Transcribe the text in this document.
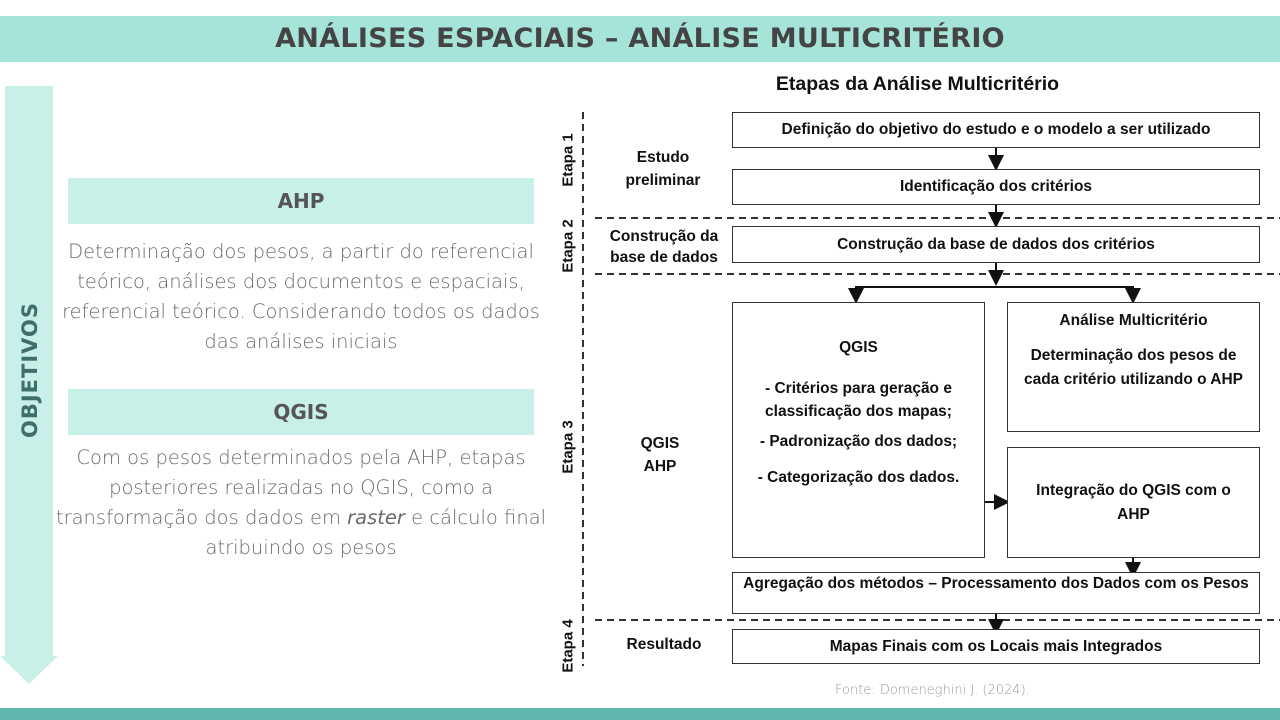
ANÁLISES ESPACIAIS – ANÁLISE MULTICRITÉRIO
OBJETIVOS
AHP
Determinação dos pesos, a partir do referencial teórico, análises dos documentos e espaciais, referencial teórico. Considerando todos os dados das análises iniciais
QGIS
Com os pesos determinados pela AHP, etapas posteriores realizadas no QGIS, como a transformação dos dados em raster e cálculo final atribuindo os pesos
Etapas da Análise Multicritério
Etapa 1
Etapa 2
Etapa 3
Etapa 4
Estudo preliminar
Construção da base de dados
QGIS AHP
Resultado
Definição do objetivo do estudo e o modelo a ser utilizado
Identificação dos critérios
Construção da base de dados dos critérios
QGIS
- Critérios para geração e classificação dos mapas;
- Padronização dos dados;
- Categorização dos dados.
Análise Multicritério
Determinação dos pesos de cada critério utilizando o AHP
Integração do QGIS com o AHP
Agregação dos métodos – Processamento dos Dados com os Pesos
Mapas Finais com os Locais mais Integrados
Fonte: Domeneghini J. (2024).
